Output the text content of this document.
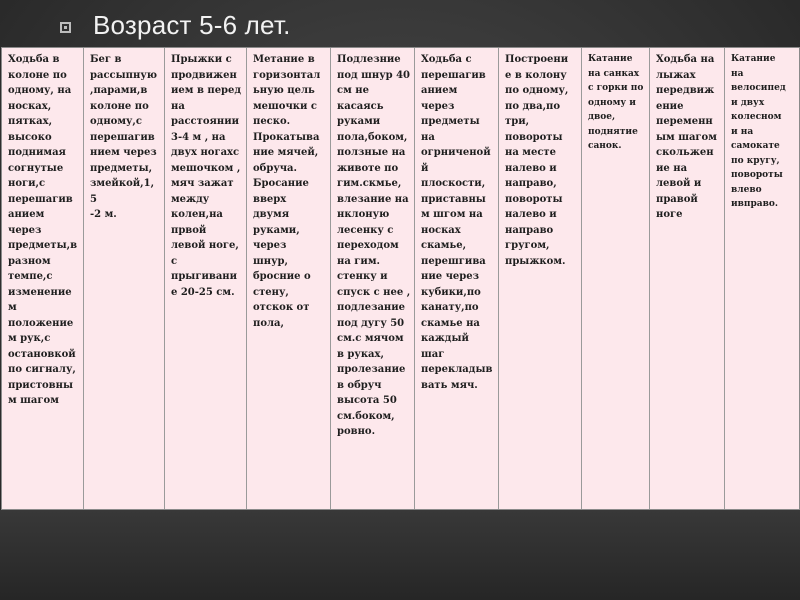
Возраст 5-6 лет.
Ходьба в
колоне по
одному, на
носках,
пятках,
высоко
поднимая
согнутые
ноги,с
перешагив
анием
через
предметы,в
разном
темпе,с
изменение
м
положение
м рук,с
остановкой
по сигналу,
пристовны
м шагом
Бег в
рассыпную
,парами,в
колоне по
одному,с
перешагив
нием через
предметы,
змейкой,1,5
-2 м.
Прыжки с
продвижен
ием в перед
на
расстоянии
3-4 м , на
двух ногахс
мешочком ,
мяч зажат
между
колен,на
првой
левой ноге,
с
прыгивани
е 20-25 см.
Метание в
горизонтал
ьную цель
мешочки с
песко.
Прокатыва
ние мячей,
обруча.
Бросание
вверх
двумя
руками,
через
шнур,
бросние о
стену,
отскок от
пола,
Подлезние
под шнур 40
см не
касаясь
руками
пола,боком,
ползные на
животе по
гим.скмье,
влезание на
нклоную
лесенку с
переходом
на гим.
стенку и
спуск с нее ,
подлезание
под дугу 50
см.с мячом
в руках,
пролезание
в обруч
высота 50
см.боком,
ровно.
Ходьба с
перешагив
анием
через
предметы
на
огрниченой
й
плоскости,
приставны
м шгом на
носках
скамье,
перешгива
ние через
кубики,по
канату,по
скамье на
каждый
шаг
перекладыв
вать мяч.
Построени
е в колону
по одному,
по два,по
три,
повороты
на месте
налево и
направо,
повороты
налево и
направо
гругом,
прыжком.
Катание
на санках
с горки по
одному и
двое,
поднятие
санок.
Ходьба на
лыжах
передвиж
ение
переменн
ым шагом
скольжен
ие на
левой и
правой
ноге
Катание
на
велосипед
и двух
колесном
и на
самокате
по кругу,
повороты
влево
ивправо.
